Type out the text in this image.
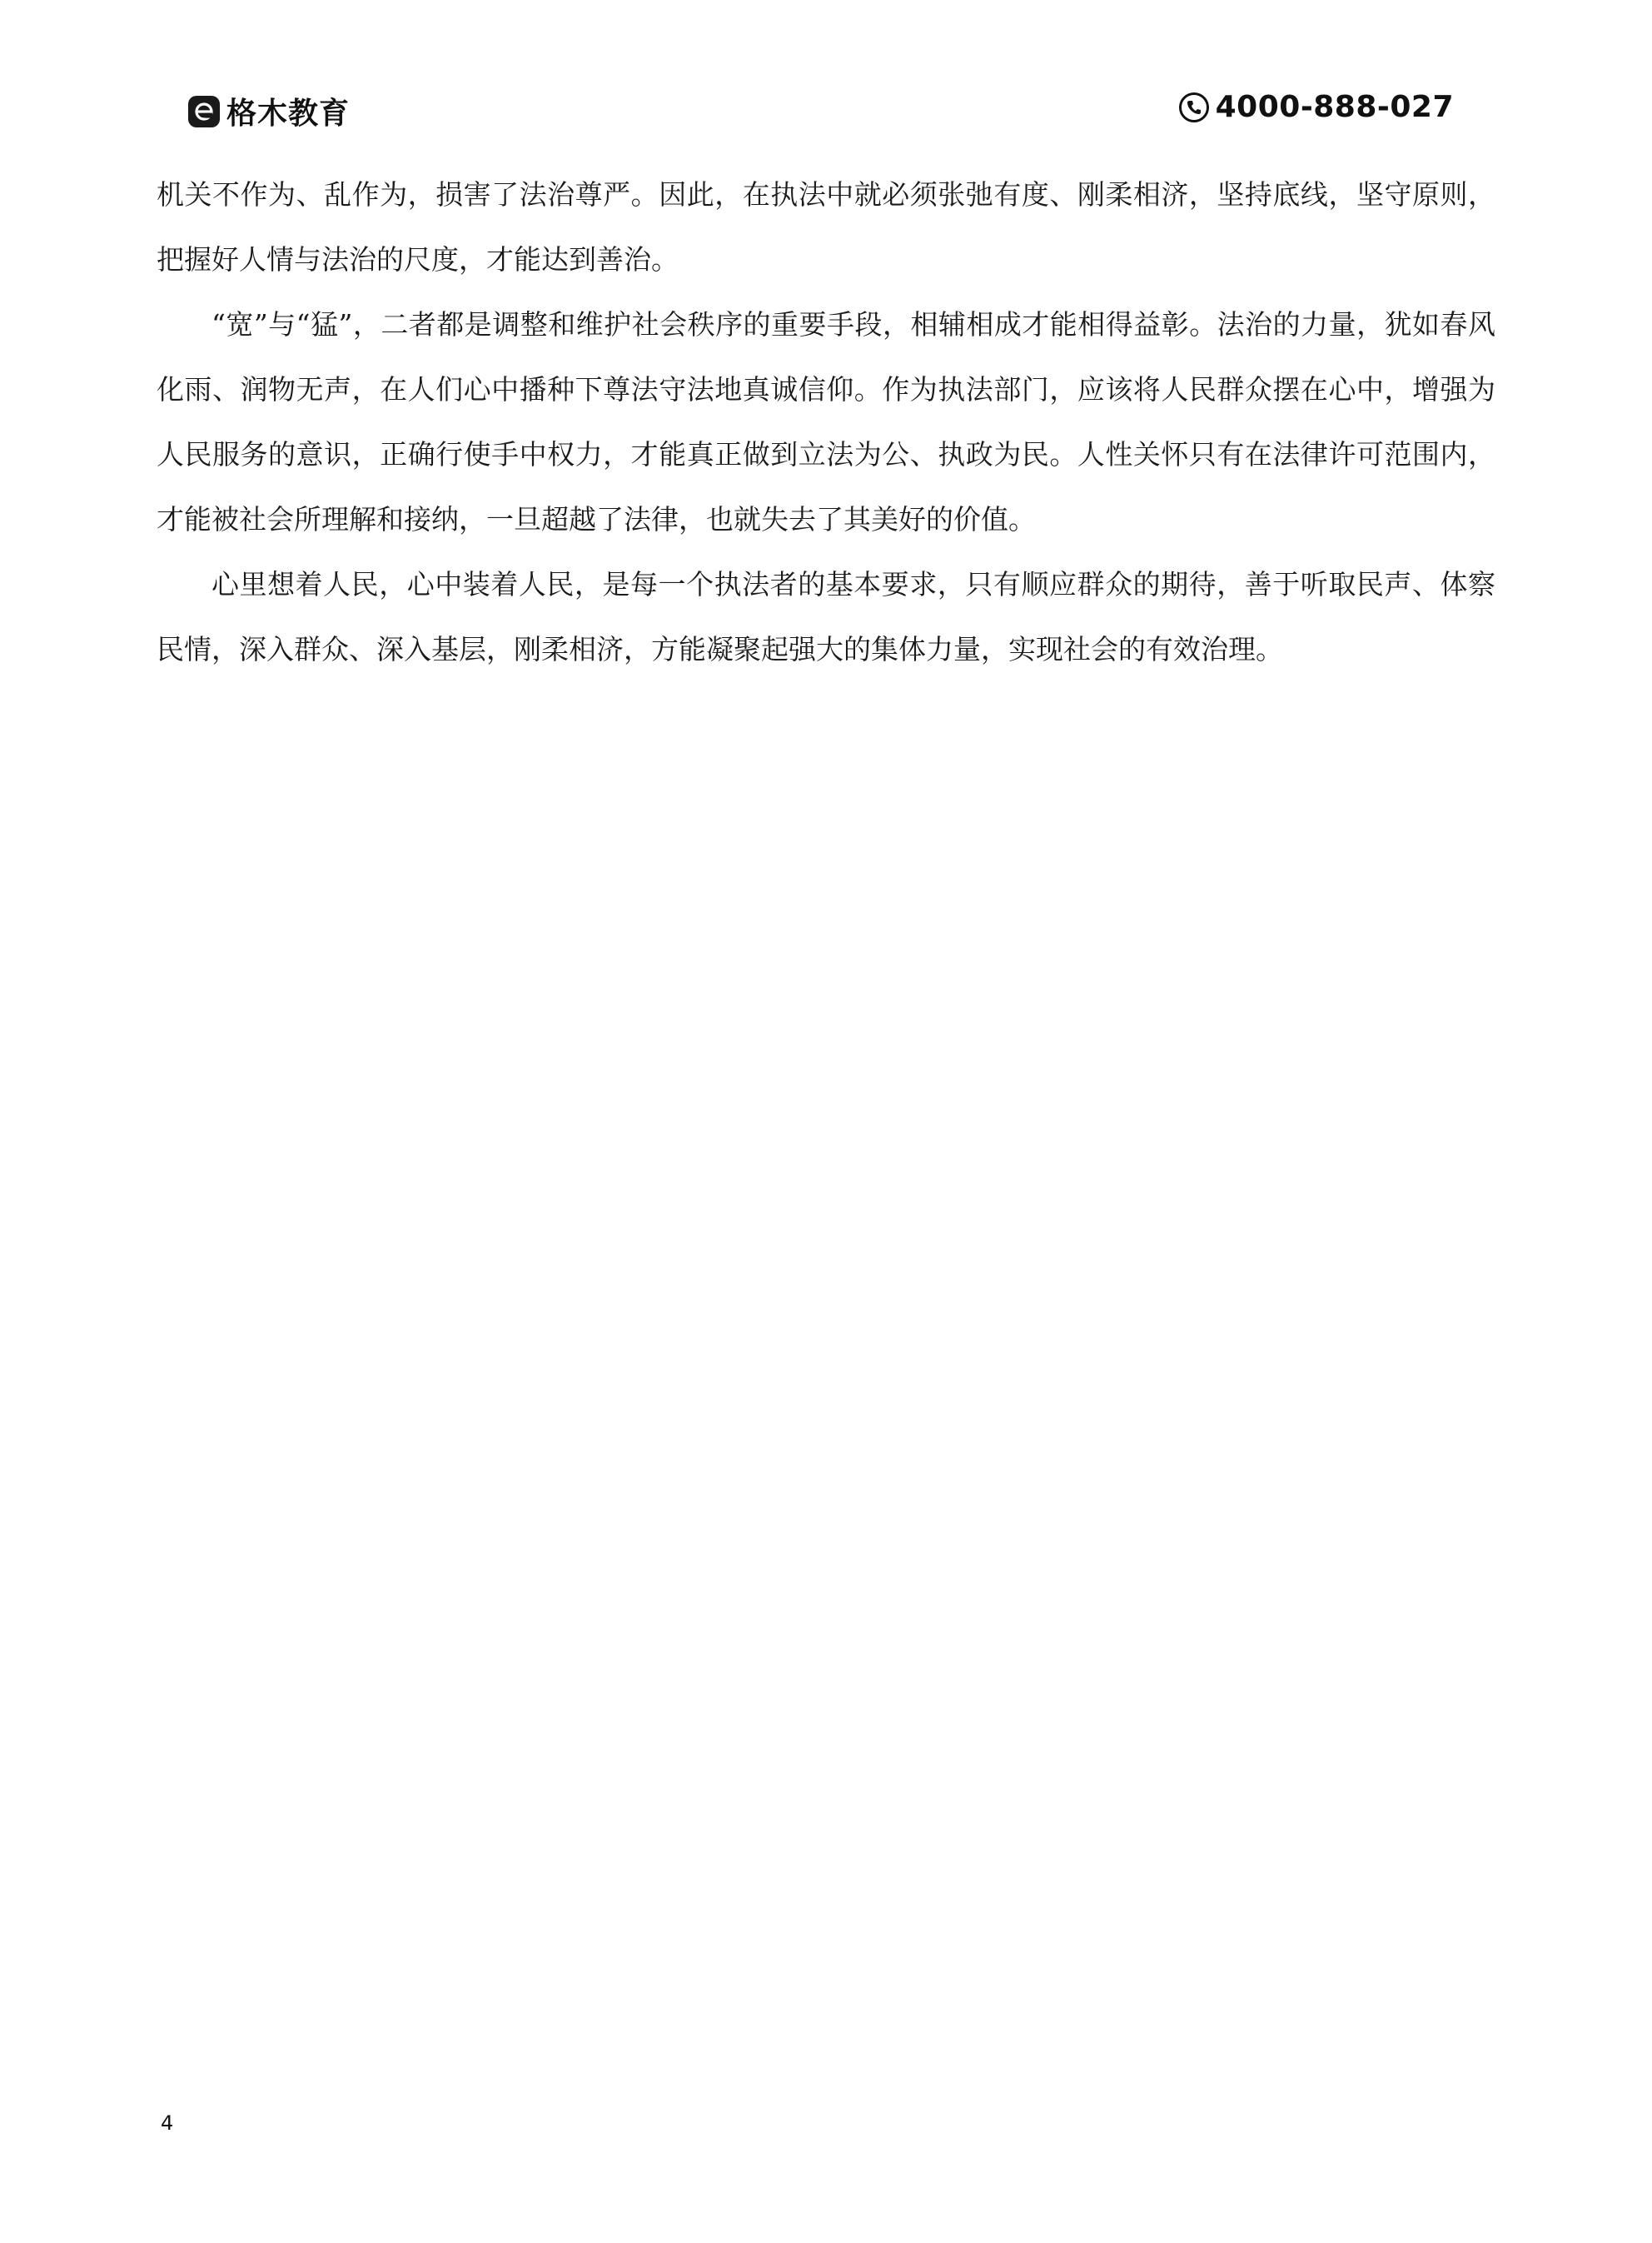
格木教育	4000-888-027

机关不作为、乱作为，损害了法治尊严。因此，在执法中就必须张弛有度、刚柔相济，坚持底线，坚守原则，把握好人情与法治的尺度，才能达到善治。

“宽”与“猛”，二者都是调整和维护社会秩序的重要手段，相辅相成才能相得益彰。法治的力量，犹如春风化雨、润物无声，在人们心中播种下尊法守法地真诚信仰。作为执法部门，应该将人民群众摆在心中，增强为人民服务的意识，正确行使手中权力，才能真正做到立法为公、执政为民。人性关怀只有在法律许可范围内，才能被社会所理解和接纳，一旦超越了法律，也就失去了其美好的价值。

心里想着人民，心中装着人民，是每一个执法者的基本要求，只有顺应群众的期待，善于听取民声、体察民情，深入群众、深入基层，刚柔相济，方能凝聚起强大的集体力量，实现社会的有效治理。

4
